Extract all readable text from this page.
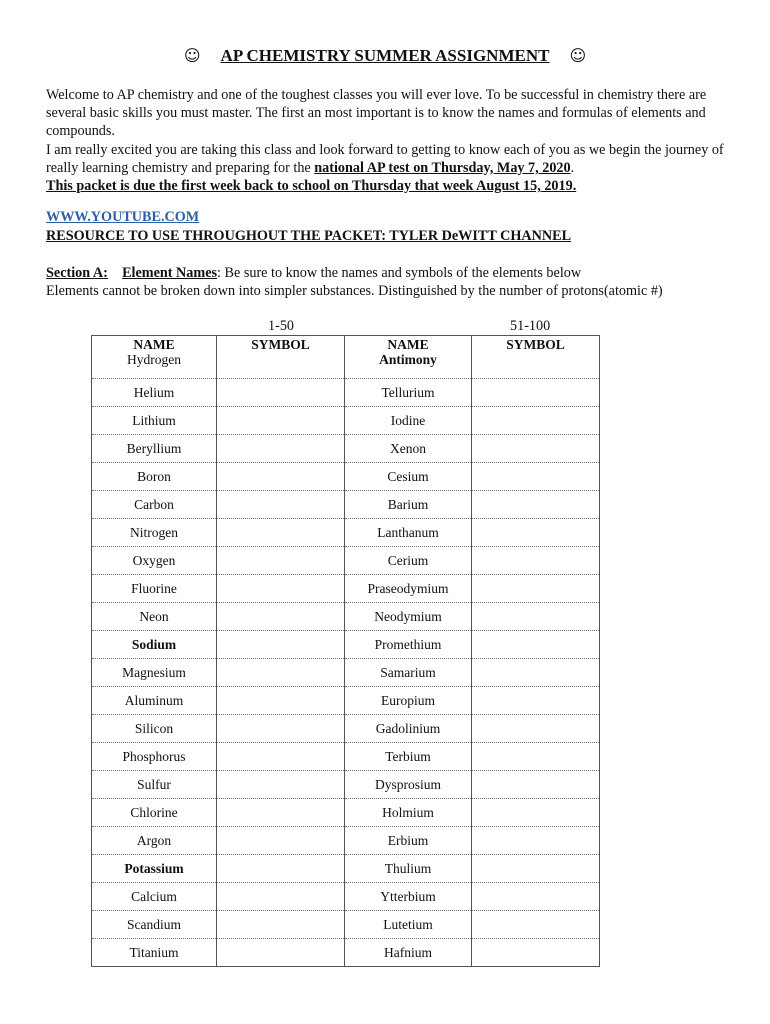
☺ AP CHEMISTRY SUMMER ASSIGNMENT ☺

Welcome to AP chemistry and one of the toughest classes you will ever love. To be successful in chemistry there are several basic skills you must master. The first an most important is to know the names and formulas of elements and compounds.

I am really excited you are taking this class and look forward to getting to know each of you as we begin the journey of really learning chemistry and preparing for the national AP test on Thursday, May 7, 2020.

This packet is due the first week back to school on Thursday that week August 15, 2019.

WWW.YOUTUBE.COM
RESOURCE TO USE THROUGHOUT THE PACKET: TYLER DeWITT CHANNEL

Section A: Element Names: Be sure to know the names and symbols of the elements below

Elements cannot be broken down into simpler substances. Distinguished by the number of protons(atomic #)

1-50	51-100
NAME	SYMBOL	NAME	SYMBOL
Hydrogen		Antimony	
Helium		Tellurium	
Lithium		Iodine	
Beryllium		Xenon	
Boron		Cesium	
Carbon		Barium	
Nitrogen		Lanthanum	
Oxygen		Cerium	
Fluorine		Praseodymium	
Neon		Neodymium	
Sodium		Promethium	
Magnesium		Samarium	
Aluminum		Europium	
Silicon		Gadolinium	
Phosphorus		Terbium	
Sulfur		Dysprosium	
Chlorine		Holmium	
Argon		Erbium	
Potassium		Thulium	
Calcium		Ytterbium	
Scandium		Lutetium	
Titanium		Hafnium	
